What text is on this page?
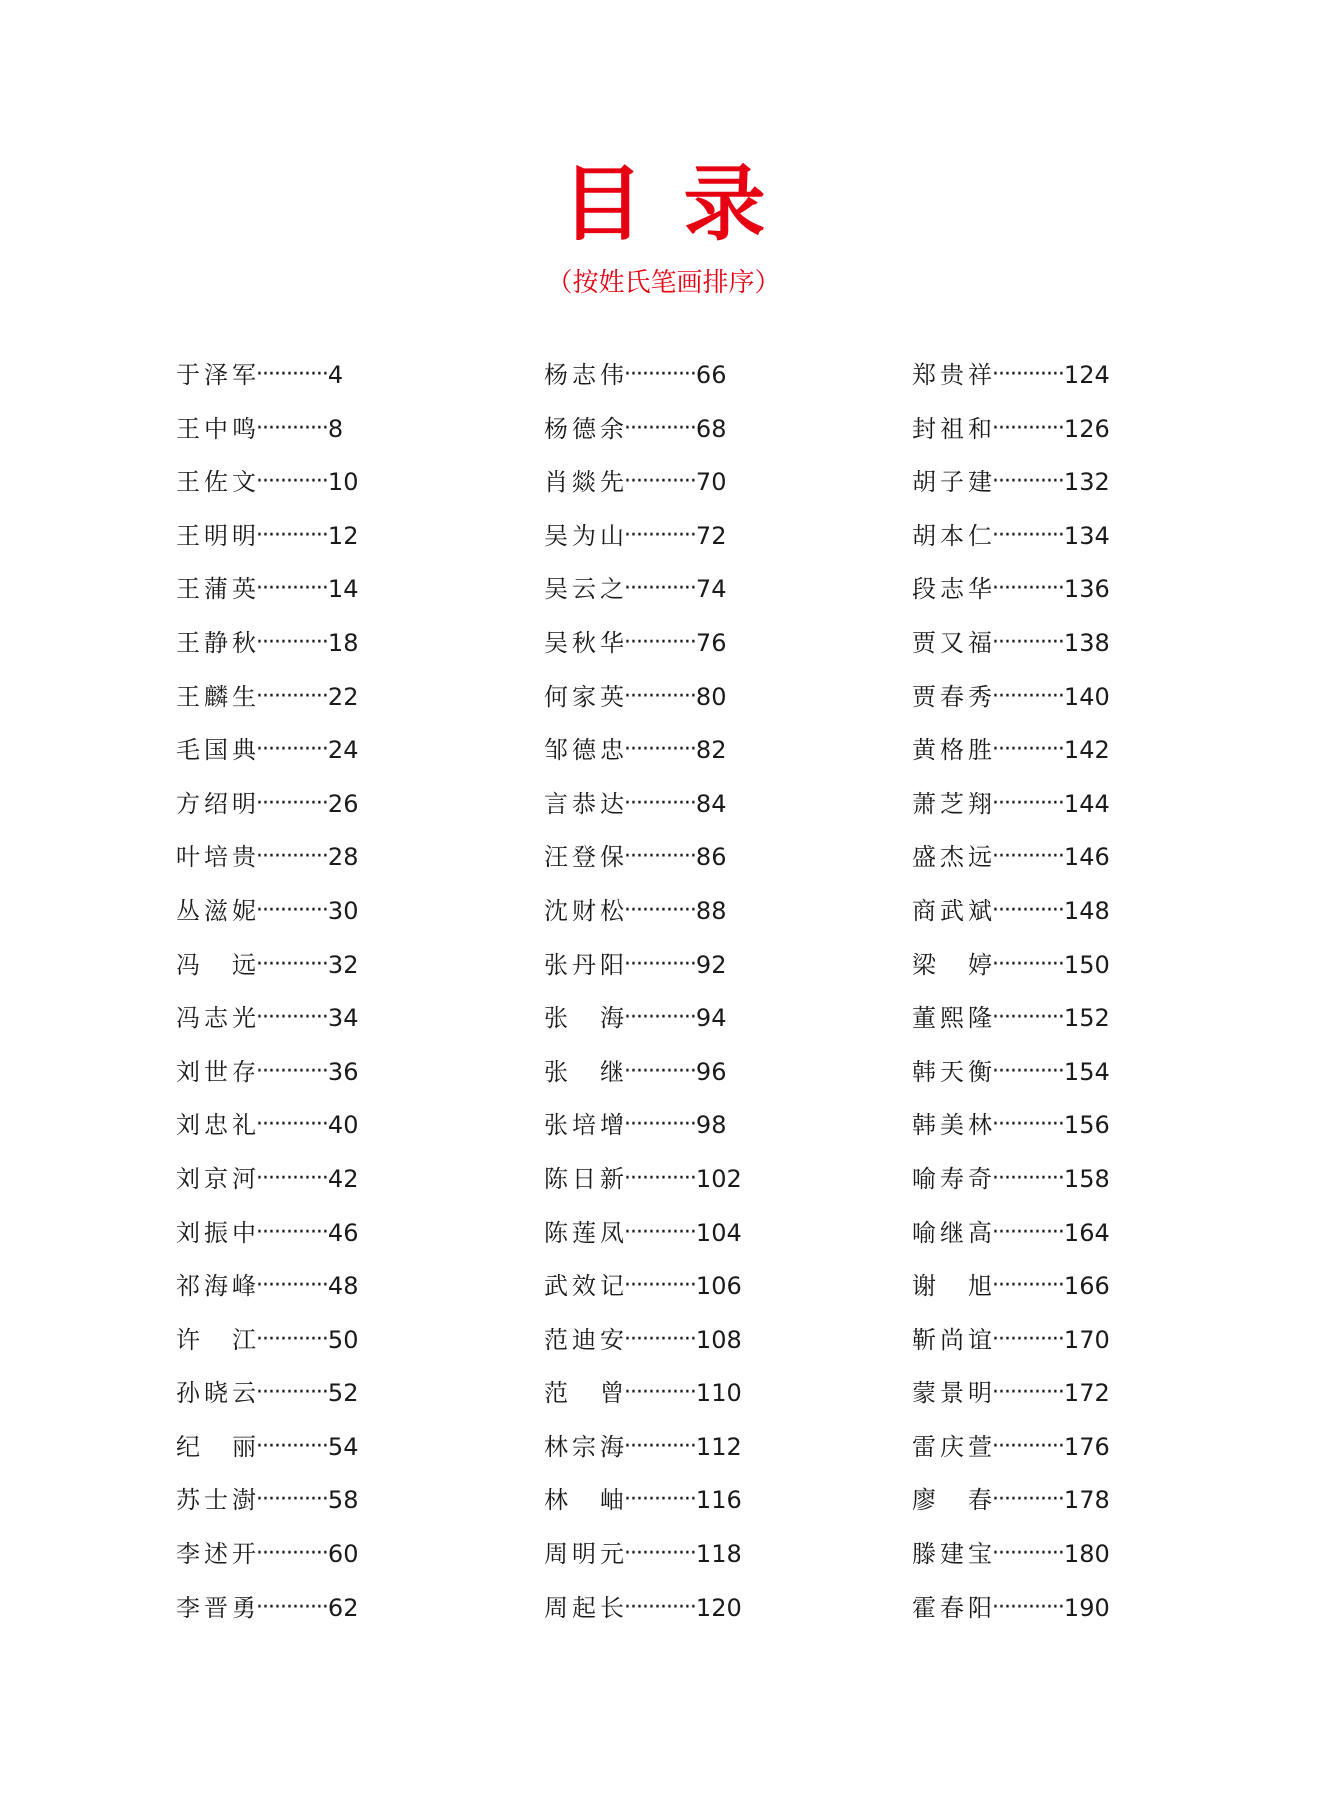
目录

（按姓氏笔画排序）

于泽军 ············ 4
王中鸣 ············ 8
王佐文 ············ 10
王明明 ············ 12
王蒲英 ············ 14
王静秋 ············ 18
王麟生 ············ 22
毛国典 ············ 24
方绍明 ············ 26
叶培贵 ············ 28
丛滋妮 ············ 30
冯　远 ············ 32
冯志光 ············ 34
刘世存 ············ 36
刘忠礼 ············ 40
刘京河 ············ 42
刘振中 ············ 46
祁海峰 ············ 48
许　江 ············ 50
孙晓云 ············ 52
纪　丽 ············ 54
苏士澍 ············ 58
李述开 ············ 60
李晋勇 ············ 62
杨志伟 ············ 66
杨德余 ············ 68
肖燚先 ············ 70
吴为山 ············ 72
吴云之 ············ 74
吴秋华 ············ 76
何家英 ············ 80
邹德忠 ············ 82
言恭达 ············ 84
汪登保 ············ 86
沈财松 ············ 88
张丹阳 ············ 92
张　海 ············ 94
张　继 ············ 96
张培增 ············ 98
陈日新 ············ 102
陈莲凤 ············ 104
武效记 ············ 106
范迪安 ············ 108
范　曾 ············ 110
林宗海 ············ 112
林　岫 ············ 116
周明元 ············ 118
周起长 ············ 120
郑贵祥 ············ 124
封祖和 ············ 126
胡子建 ············ 132
胡本仁 ············ 134
段志华 ············ 136
贾又福 ············ 138
贾春秀 ············ 140
黄格胜 ············ 142
萧芝翔 ············ 144
盛杰远 ············ 146
商武斌 ············ 148
梁　婷 ············ 150
董熙隆 ············ 152
韩天衡 ············ 154
韩美林 ············ 156
喻寿奇 ············ 158
喻继高 ············ 164
谢　旭 ············ 166
靳尚谊 ············ 170
蒙景明 ············ 172
雷庆萱 ············ 176
廖　春 ············ 178
滕建宝 ············ 180
霍春阳 ············ 190
